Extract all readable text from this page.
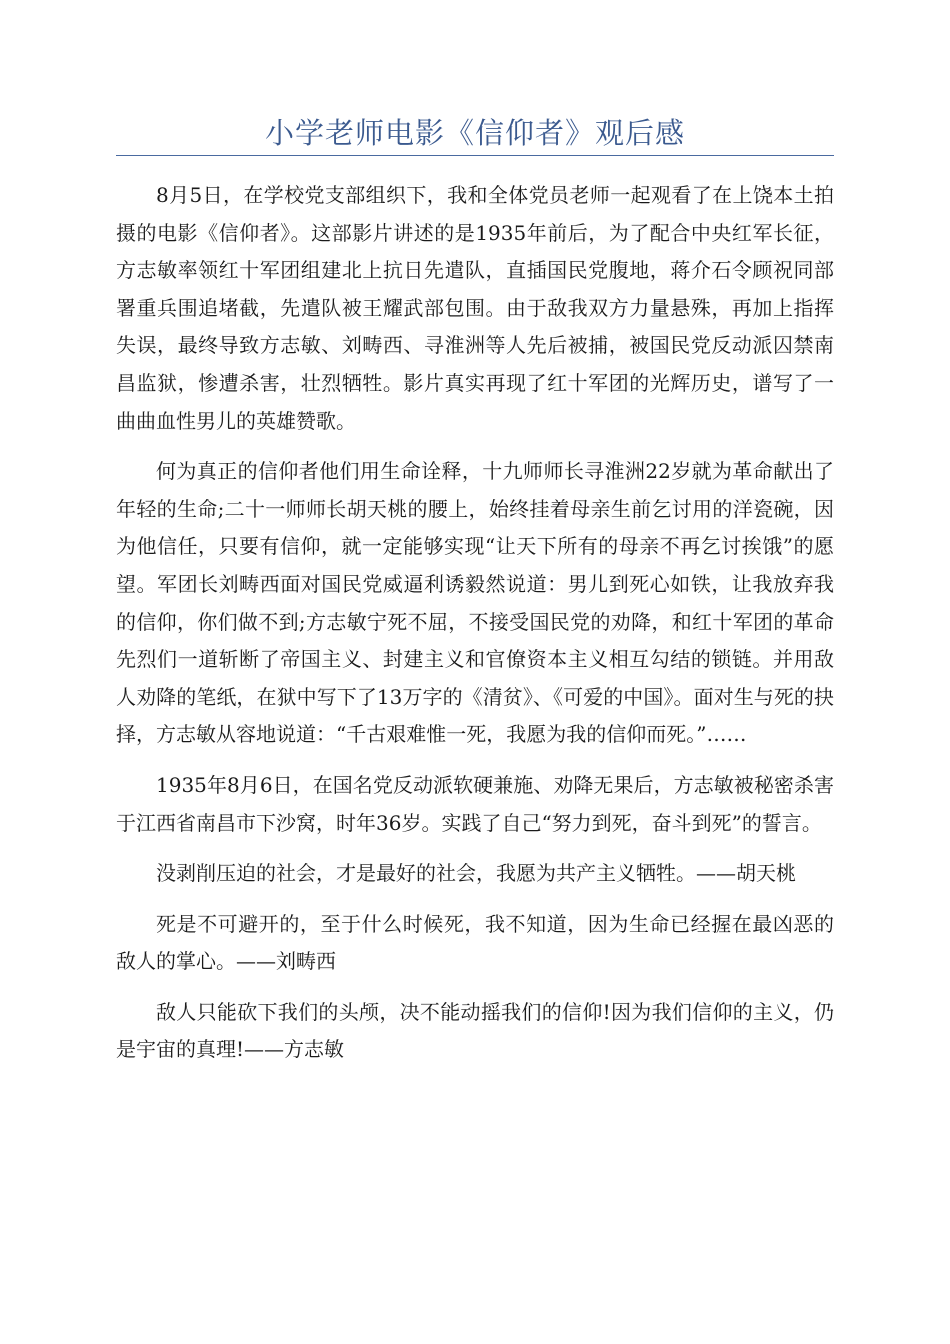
小学老师电影《信仰者》观后感

8月5日，在学校党支部组织下，我和全体党员老师一起观看了在上饶本土拍摄的电影《信仰者》。这部影片讲述的是1935年前后，为了配合中央红军长征，方志敏率领红十军团组建北上抗日先遣队，直插国民党腹地，蒋介石令顾祝同部署重兵围追堵截，先遣队被王耀武部包围。由于敌我双方力量悬殊，再加上指挥失误，最终导致方志敏、刘畴西、寻淮洲等人先后被捕，被国民党反动派囚禁南昌监狱，惨遭杀害，壮烈牺牲。影片真实再现了红十军团的光辉历史，谱写了一曲曲血性男儿的英雄赞歌。

何为真正的信仰者他们用生命诠释，十九师师长寻淮洲22岁就为革命献出了年轻的生命;二十一师师长胡天桃的腰上，始终挂着母亲生前乞讨用的洋瓷碗，因为他信任，只要有信仰，就一定能够实现“让天下所有的母亲不再乞讨挨饿”的愿望。军团长刘畴西面对国民党威逼利诱毅然说道：男儿到死心如铁，让我放弃我的信仰，你们做不到;方志敏宁死不屈，不接受国民党的劝降，和红十军团的革命先烈们一道斩断了帝国主义、封建主义和官僚资本主义相互勾结的锁链。并用敌人劝降的笔纸，在狱中写下了13万字的《清贫》、《可爱的中国》。面对生与死的抉择，方志敏从容地说道：“千古艰难惟一死，我愿为我的信仰而死。”……

1935年8月6日，在国名党反动派软硬兼施、劝降无果后，方志敏被秘密杀害于江西省南昌市下沙窝，时年36岁。实践了自己“努力到死，奋斗到死”的誓言。

没剥削压迫的社会，才是最好的社会，我愿为共产主义牺牲。——胡天桃

死是不可避开的，至于什么时候死，我不知道，因为生命已经握在最凶恶的敌人的掌心。——刘畴西

敌人只能砍下我们的头颅，决不能动摇我们的信仰!因为我们信仰的主义，仍是宇宙的真理!——方志敏
